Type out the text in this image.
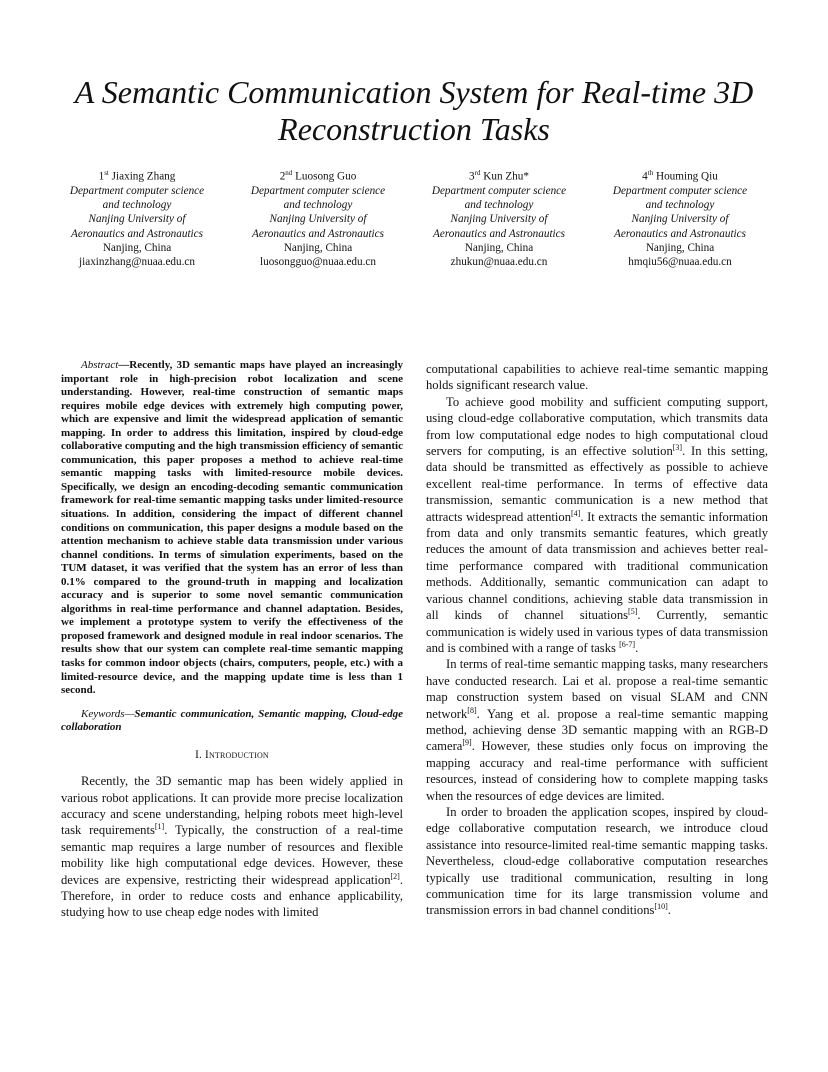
A Semantic Communication System for Real-time 3D
Reconstruction Tasks
1st Jiaxing Zhang
Department computer science
and technology
Nanjing University of
Aeronautics and Astronautics
Nanjing, China
jiaxinzhang@nuaa.edu.cn
2nd Luosong Guo
Department computer science
and technology
Nanjing University of
Aeronautics and Astronautics
Nanjing, China
luosongguo@nuaa.edu.cn
3rd Kun Zhu*
Department computer science
and technology
Nanjing University of
Aeronautics and Astronautics
Nanjing, China
zhukun@nuaa.edu.cn
4th Houming Qiu
Department computer science
and technology
Nanjing University of
Aeronautics and Astronautics
Nanjing, China
hmqiu56@nuaa.edu.cn

Abstract—Recently, 3D semantic maps have played an increasingly important role in high-precision robot localization and scene understanding. However, real-time construction of semantic maps requires mobile edge devices with extremely high computing power, which are expensive and limit the widespread application of semantic mapping. In order to address this limitation, inspired by cloud-edge collaborative computing and the high transmission efficiency of semantic communication, this paper proposes a method to achieve real-time semantic mapping tasks with limited-resource mobile devices. Specifically, we design an encoding-decoding semantic communication framework for real-time semantic mapping tasks under limited-resource situations. In addition, considering the impact of different channel conditions on communication, this paper designs a module based on the attention mechanism to achieve stable data transmission under various channel conditions. In terms of simulation experiments, based on the TUM dataset, it was verified that the system has an error of less than 0.1% compared to the ground-truth in mapping and localization accuracy and is superior to some novel semantic communication algorithms in real-time performance and channel adaptation. Besides, we implement a prototype system to verify the effectiveness of the proposed framework and designed module in real indoor scenarios. The results show that our system can complete real-time semantic mapping tasks for common indoor objects (chairs, computers, people, etc.) with a limited-resource device, and the mapping update time is less than 1 second.

Keywords—Semantic communication, Semantic mapping, Cloud-edge collaboration

I. Introduction

Recently, the 3D semantic map has been widely applied in various robot applications. It can provide more precise localization accuracy and scene understanding, helping robots meet high-level task requirements[1]. Typically, the construction of a real-time semantic map requires a large number of resources and flexible mobility like high computational edge devices. However, these devices are expensive, restricting their widespread application[2]. Therefore, in order to reduce costs and enhance applicability, studying how to use cheap edge nodes with limited

computational capabilities to achieve real-time semantic mapping holds significant research value.

To achieve good mobility and sufficient computing support, using cloud-edge collaborative computation, which transmits data from low computational edge nodes to high computational cloud servers for computing, is an effective solution[3]. In this setting, data should be transmitted as effectively as possible to achieve excellent real-time performance. In terms of effective data transmission, semantic communication is a new method that attracts widespread attention[4]. It extracts the semantic information from data and only transmits semantic features, which greatly reduces the amount of data transmission and achieves better real-time performance compared with traditional communication methods. Additionally, semantic communication can adapt to various channel conditions, achieving stable data transmission in all kinds of channel situations[5]. Currently, semantic communication is widely used in various types of data transmission and is combined with a range of tasks [6-7].

In terms of real-time semantic mapping tasks, many researchers have conducted research. Lai et al. propose a real-time semantic map construction system based on visual SLAM and CNN network[8]. Yang et al. propose a real-time semantic mapping method, achieving dense 3D semantic mapping with an RGB-D camera[9]. However, these studies only focus on improving the mapping accuracy and real-time performance with sufficient resources, instead of considering how to complete mapping tasks when the resources of edge devices are limited.

In order to broaden the application scopes, inspired by cloud-edge collaborative computation research, we introduce cloud assistance into resource-limited real-time semantic mapping tasks. Nevertheless, cloud-edge collaborative computation researches typically use traditional communication, resulting in long communication time for its large transmission volume and transmission errors in bad channel conditions[10].
